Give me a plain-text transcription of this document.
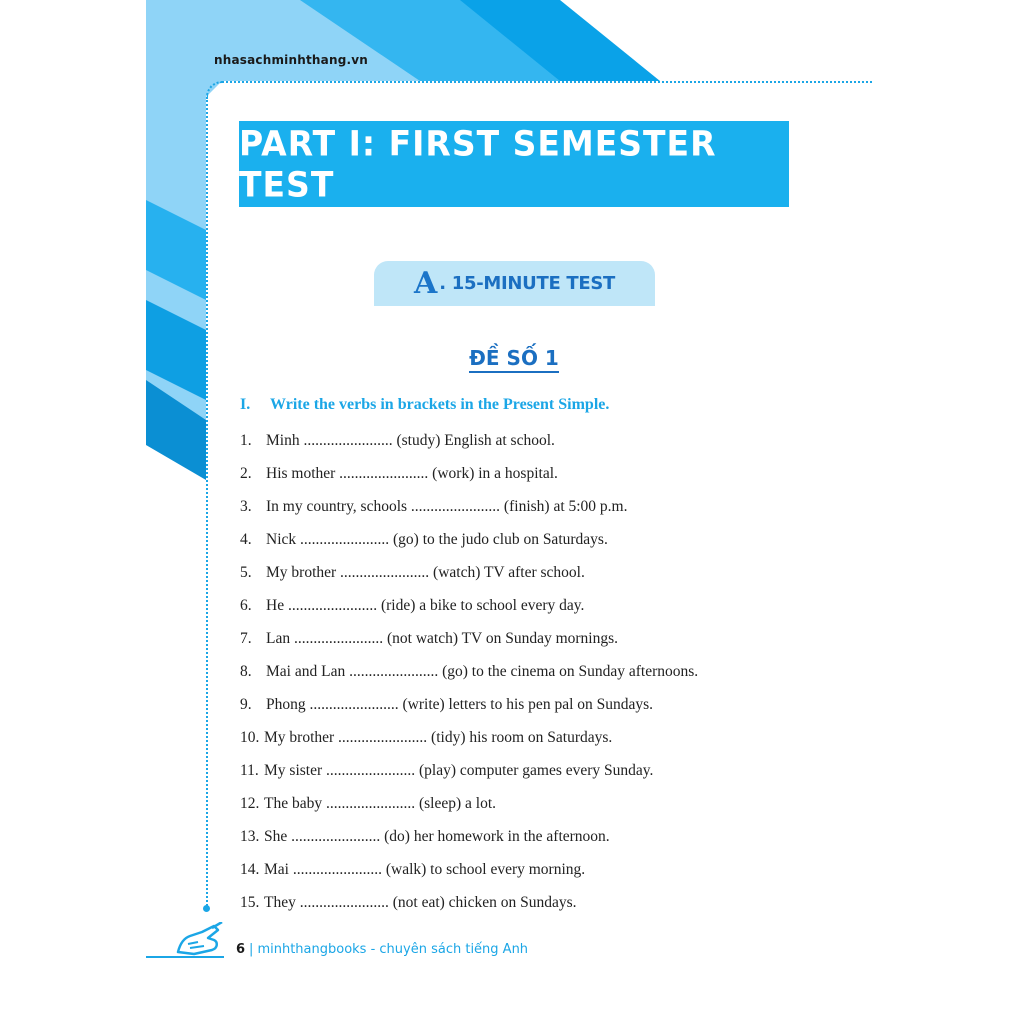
nhasachminhthang.vn
PART I: FIRST SEMESTER TEST
A . 15-MINUTE TEST
ĐỀ SỐ 1
I. Write the verbs in brackets in the Present Simple.
1. Minh ....................... (study) English at school.
2. His mother ....................... (work) in a hospital.
3. In my country, schools ....................... (finish) at 5:00 p.m.
4. Nick ....................... (go) to the judo club on Saturdays.
5. My brother ....................... (watch) TV after school.
6. He ....................... (ride) a bike to school every day.
7. Lan ....................... (not watch) TV on Sunday mornings.
8. Mai and Lan ....................... (go) to the cinema on Sunday afternoons.
9. Phong ....................... (write) letters to his pen pal on Sundays.
10. My brother ....................... (tidy) his room on Saturdays.
11. My sister ....................... (play) computer games every Sunday.
12. The baby ....................... (sleep) a lot.
13. She ....................... (do) her homework in the afternoon.
14. Mai ....................... (walk) to school every morning.
15. They ....................... (not eat) chicken on Sundays.
6 | minhthangbooks - chuyên sách tiếng Anh
